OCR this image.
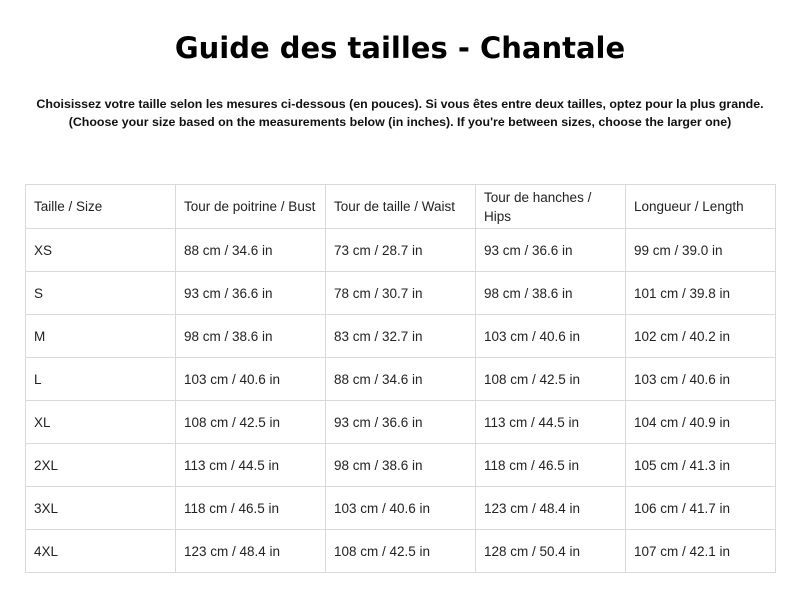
Guide des tailles - Chantale
Choisissez votre taille selon les mesures ci-dessous (en pouces). Si vous êtes entre deux tailles, optez pour la plus grande.
(Choose your size based on the measurements below (in inches). If you're between sizes, choose the larger one)
Taille / Size	Tour de poitrine / Bust	Tour de taille / Waist	Tour de hanches / Hips	Longueur / Length
XS	88 cm / 34.6 in	73 cm / 28.7 in	93 cm / 36.6 in	99 cm / 39.0 in
S	93 cm / 36.6 in	78 cm / 30.7 in	98 cm / 38.6 in	101 cm / 39.8 in
M	98 cm / 38.6 in	83 cm / 32.7 in	103 cm / 40.6 in	102 cm / 40.2 in
L	103 cm / 40.6 in	88 cm / 34.6 in	108 cm / 42.5 in	103 cm / 40.6 in
XL	108 cm / 42.5 in	93 cm / 36.6 in	113 cm / 44.5 in	104 cm / 40.9 in
2XL	113 cm / 44.5 in	98 cm / 38.6 in	118 cm / 46.5 in	105 cm / 41.3 in
3XL	118 cm / 46.5 in	103 cm / 40.6 in	123 cm / 48.4 in	106 cm / 41.7 in
4XL	123 cm / 48.4 in	108 cm / 42.5 in	128 cm / 50.4 in	107 cm / 42.1 in
